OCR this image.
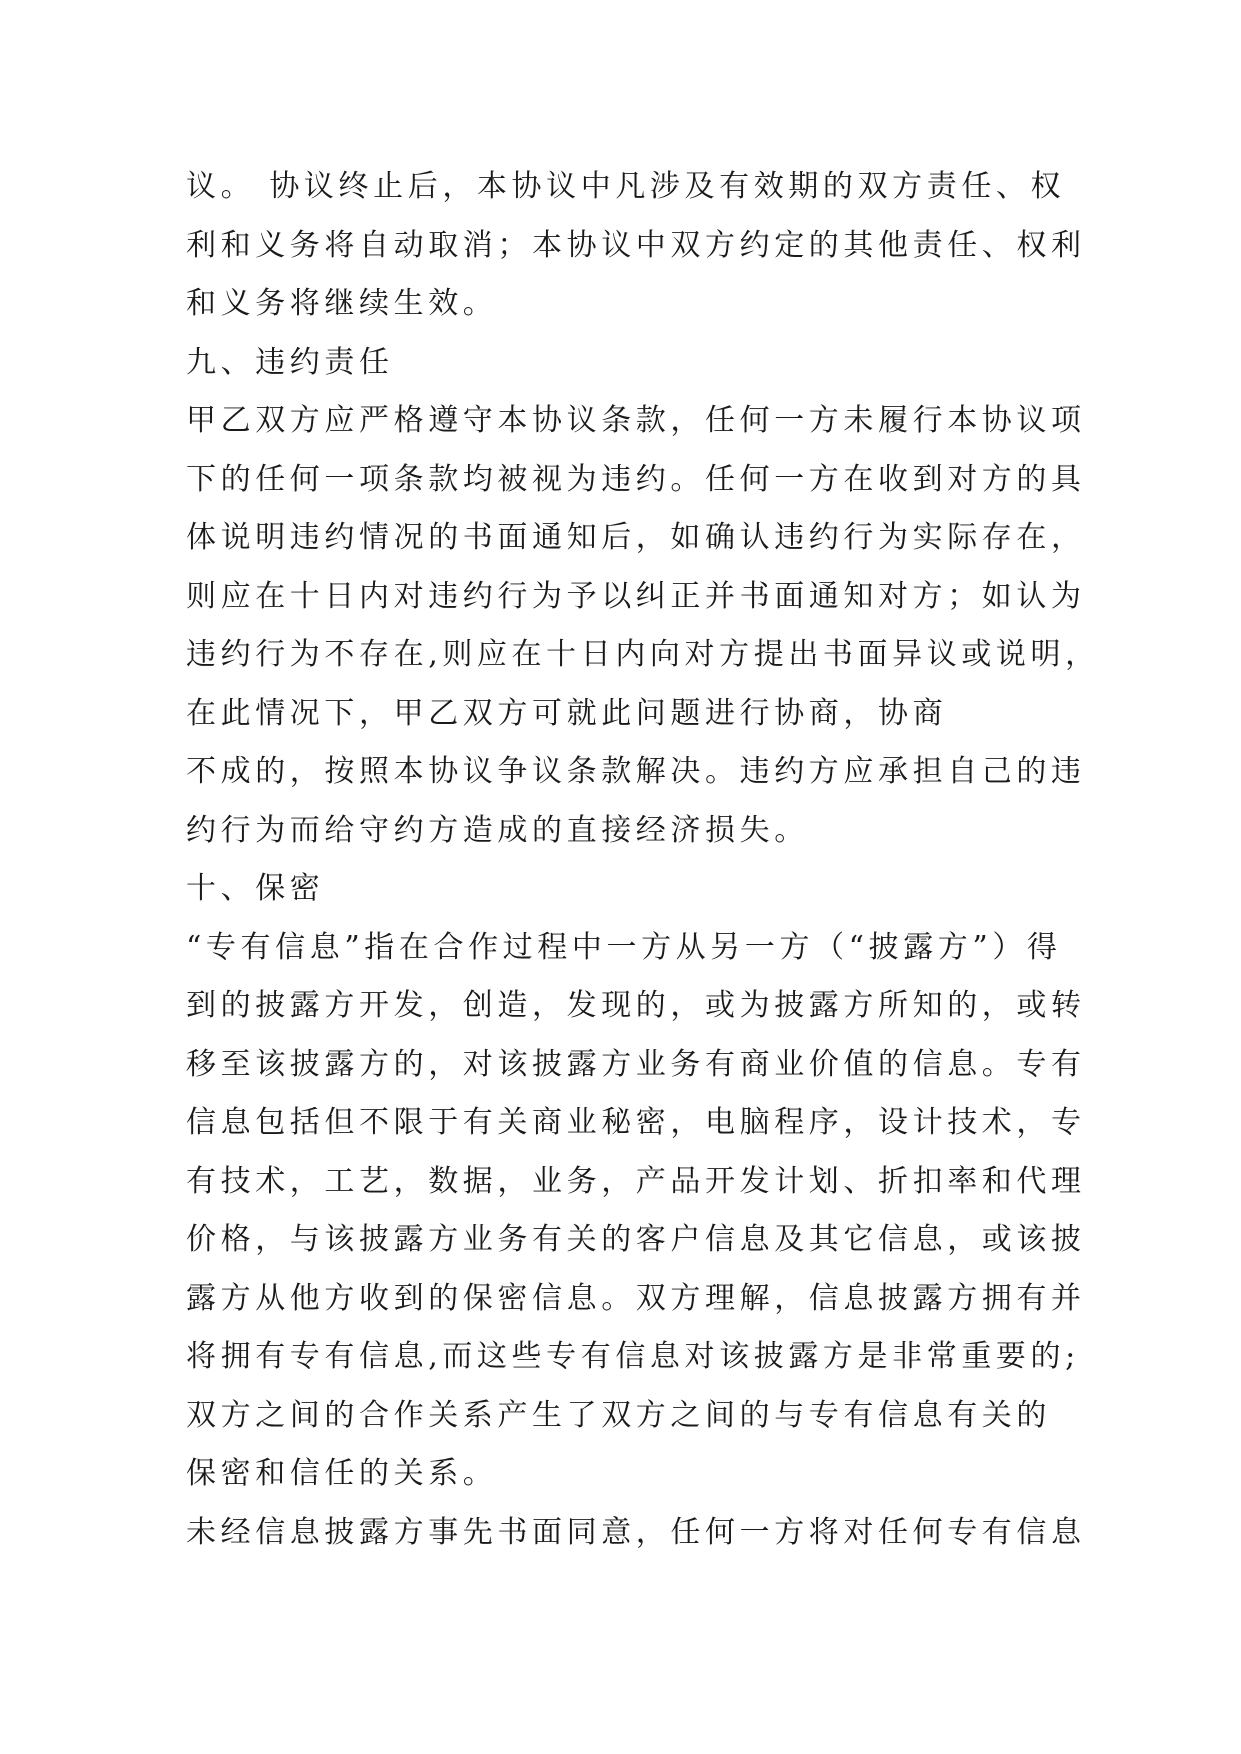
议。 协议终止后，本协议中凡涉及有效期的双方责任、权
利和义务将自动取消；本协议中双方约定的其他责任、权利
和义务将继续生效。
九、违约责任
甲乙双方应严格遵守本协议条款，任何一方未履行本协议项
下的任何一项条款均被视为违约。任何一方在收到对方的具
体说明违约情况的书面通知后，如确认违约行为实际存在，
则应在十日内对违约行为予以纠正并书面通知对方；如认为
违约行为不存在,则应在十日内向对方提出书面异议或说明，
在此情况下，甲乙双方可就此问题进行协商，协商
不成的，按照本协议争议条款解决。违约方应承担自己的违
约行为而给守约方造成的直接经济损失。
十、保密
“专有信息”指在合作过程中一方从另一方（“披露方”）得
到的披露方开发，创造，发现的，或为披露方所知的，或转
移至该披露方的，对该披露方业务有商业价值的信息。专有
信息包括但不限于有关商业秘密，电脑程序，设计技术，专
有技术，工艺，数据，业务，产品开发计划、折扣率和代理
价格，与该披露方业务有关的客户信息及其它信息，或该披
露方从他方收到的保密信息。双方理解，信息披露方拥有并
将拥有专有信息,而这些专有信息对该披露方是非常重要的;
双方之间的合作关系产生了双方之间的与专有信息有关的
保密和信任的关系。
未经信息披露方事先书面同意，任何一方将对任何专有信息
